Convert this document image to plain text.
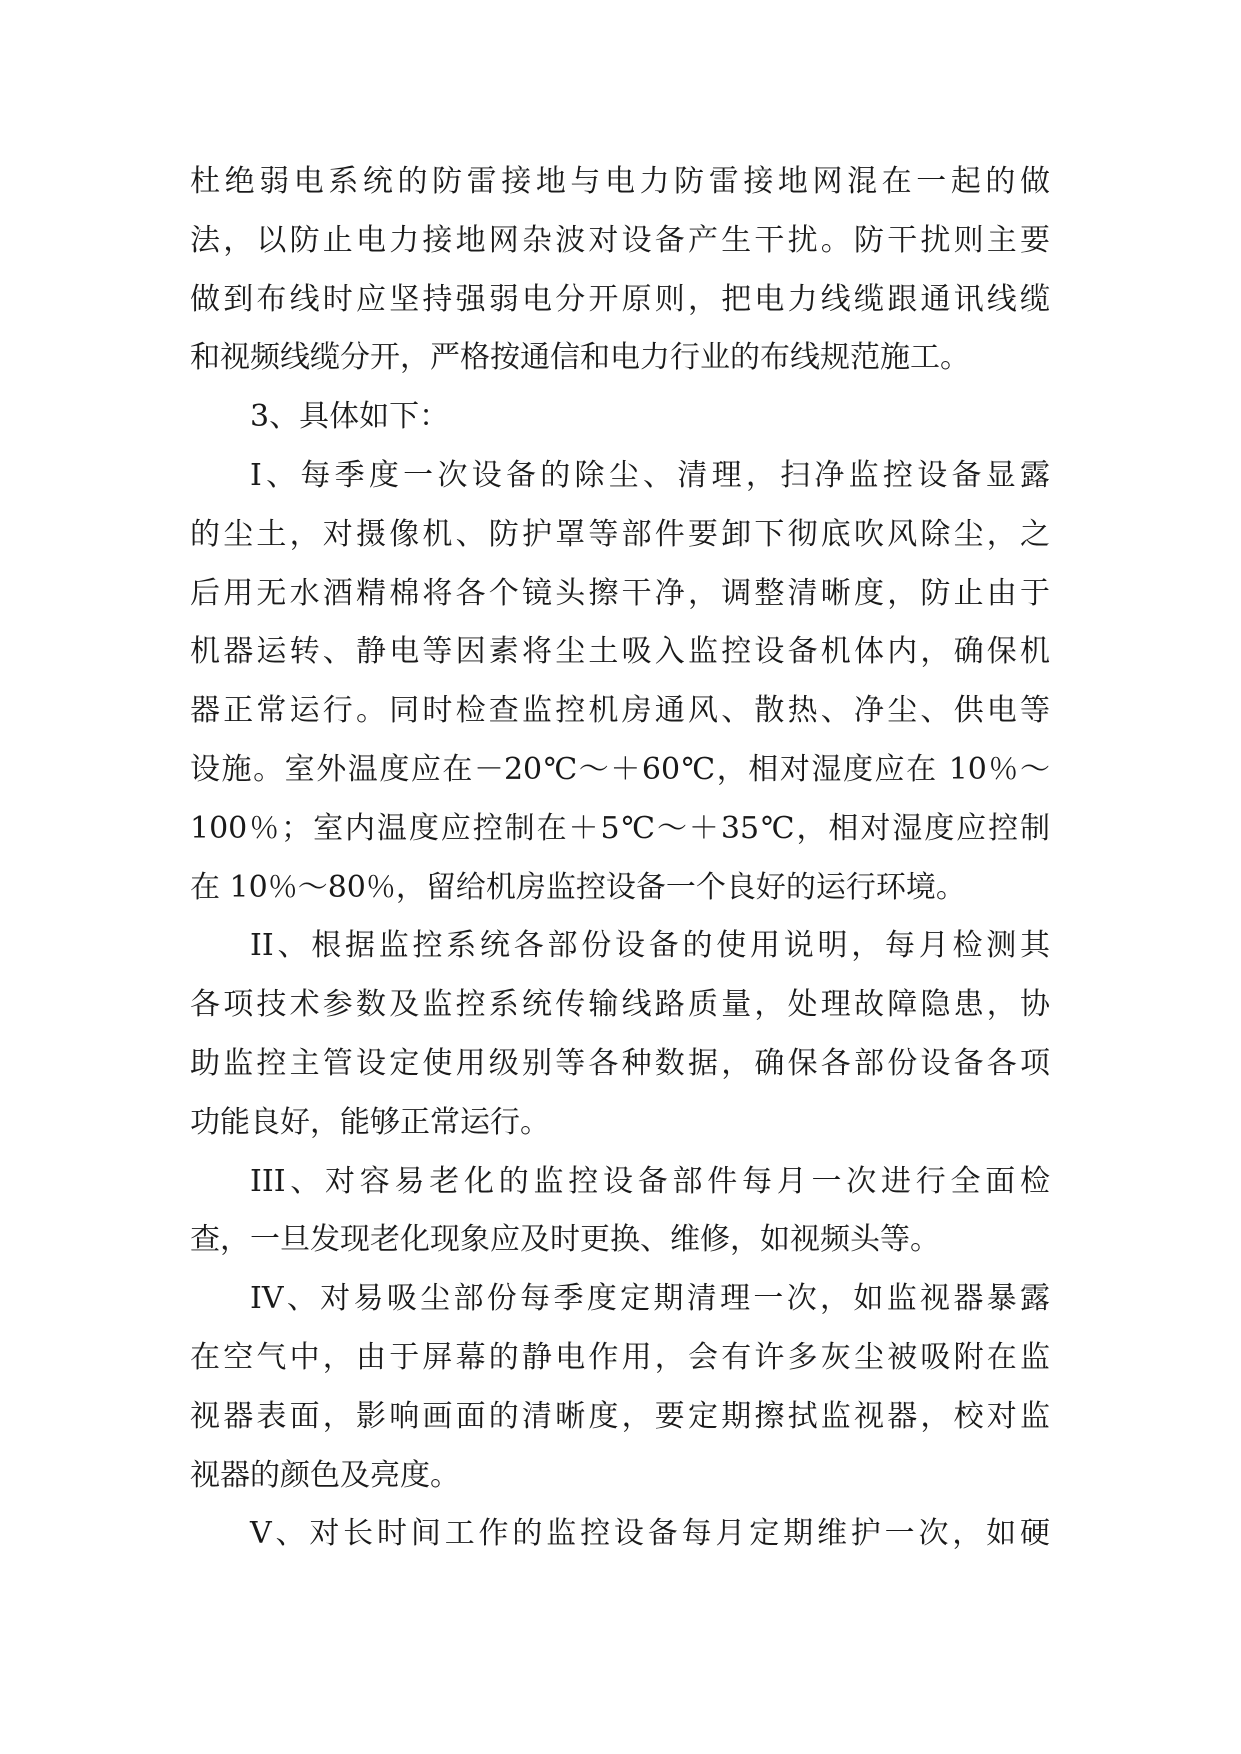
杜绝弱电系统的防雷接地与电力防雷接地网混在一起的做
法，以防止电力接地网杂波对设备产生干扰。防干扰则主要
做到布线时应坚持强弱电分开原则，把电力线缆跟通讯线缆
和视频线缆分开，严格按通信和电力行业的布线规范施工。
3、具体如下：
I、每季度一次设备的除尘、清理，扫净监控设备显露
的尘土，对摄像机、防护罩等部件要卸下彻底吹风除尘，之
后用无水酒精棉将各个镜头擦干净，调整清晰度，防止由于
机器运转、静电等因素将尘土吸入监控设备机体内，确保机
器正常运行。同时检查监控机房通风、散热、净尘、供电等
设施。室外温度应在－20℃～＋60℃，相对湿度应在 10％～
100％；室内温度应控制在＋5℃～＋35℃，相对湿度应控制
在 10％～80％，留给机房监控设备一个良好的运行环境。
II、根据监控系统各部份设备的使用说明，每月检测其
各项技术参数及监控系统传输线路质量，处理故障隐患，协
助监控主管设定使用级别等各种数据，确保各部份设备各项
功能良好，能够正常运行。
III、对容易老化的监控设备部件每月一次进行全面检
查，一旦发现老化现象应及时更换、维修，如视频头等。
IV、对易吸尘部份每季度定期清理一次，如监视器暴露
在空气中，由于屏幕的静电作用，会有许多灰尘被吸附在监
视器表面，影响画面的清晰度，要定期擦拭监视器，校对监
视器的颜色及亮度。
V、对长时间工作的监控设备每月定期维护一次，如硬
